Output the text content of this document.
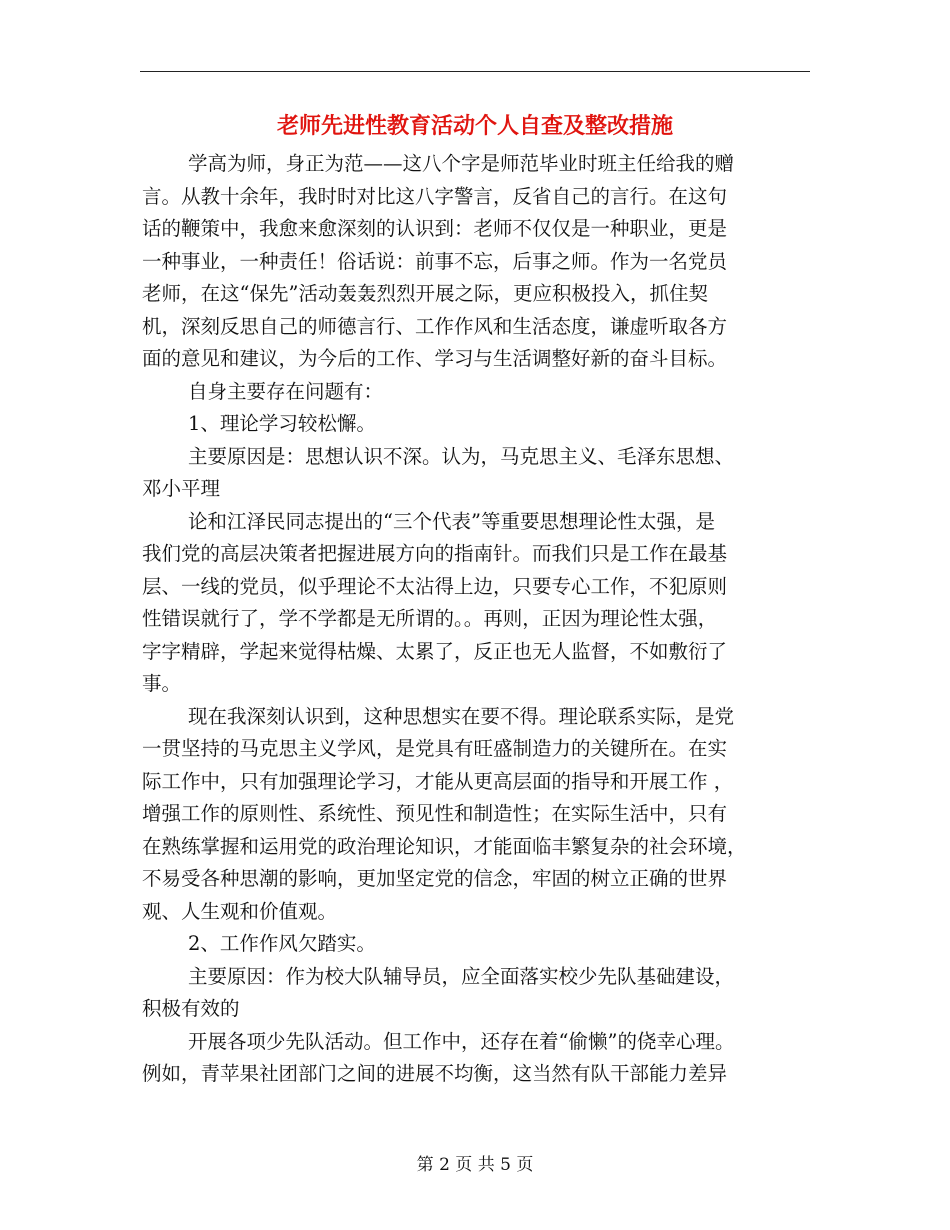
老师先进性教育活动个人自查及整改措施

学高为师，身正为范——这八个字是师范毕业时班主任给我的赠

言。从教十余年，我时时对比这八字警言，反省自己的言行。在这句

话的鞭策中，我愈来愈深刻的认识到：老师不仅仅是一种职业，更是

一种事业，一种责任！俗话说：前事不忘，后事之师。作为一名党员

老师，在这“保先”活动轰轰烈烈开展之际，更应积极投入，抓住契

机，深刻反思自己的师德言行、工作作风和生活态度，谦虚听取各方

面的意见和建议，为今后的工作、学习与生活调整好新的奋斗目标。

自身主要存在问题有：

1、理论学习较松懈。

主要原因是：思想认识不深。认为，马克思主义、毛泽东思想、

邓小平理

论和江泽民同志提出的“三个代表”等重要思想理论性太强，是

我们党的高层决策者把握进展方向的指南针。而我们只是工作在最基

层、一线的党员，似乎理论不太沾得上边，只要专心工作，不犯原则

性错误就行了，学不学都是无所谓的。。再则，正因为理论性太强，

字字精辟，学起来觉得枯燥、太累了，反正也无人监督，不如敷衍了

事。

现在我深刻认识到，这种思想实在要不得。理论联系实际，是党

一贯坚持的马克思主义学风，是党具有旺盛制造力的关键所在。在实

际工作中，只有加强理论学习，才能从更高层面的指导和开展工作 ，

增强工作的原则性、系统性、预见性和制造性；在实际生活中，只有

在熟练掌握和运用党的政治理论知识，才能面临丰繁复杂的社会环境，

不易受各种思潮的影响，更加坚定党的信念，牢固的树立正确的世界

观、人生观和价值观。

2、工作作风欠踏实。

主要原因：作为校大队辅导员，应全面落实校少先队基础建设，

积极有效的

开展各项少先队活动。但工作中，还存在着“偷懒”的侥幸心理。

例如，青苹果社团部门之间的进展不均衡，这当然有队干部能力差异

第 2 页 共 5 页
